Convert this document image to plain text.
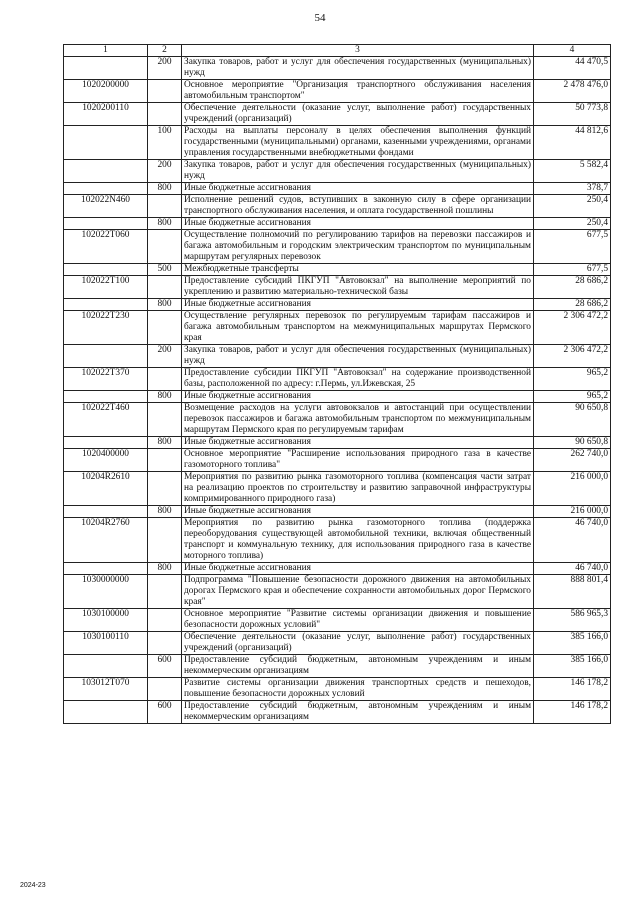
54
1	2	3	4
	200	Закупка товаров, работ и услуг для обеспечения государственных (муниципальных) нужд	44 470,5
1020200000		Основное мероприятие "Организация транспортного обслуживания населения автомобильным транспортом"	2 478 476,0
1020200110		Обеспечение деятельности (оказание услуг, выполнение работ) государственных учреждений (организаций)	50 773,8
	100	Расходы на выплаты персоналу в целях обеспечения выполнения функций государственными (муниципальными) органами, казенными учреждениями, органами управления государственными внебюджетными фондами	44 812,6
	200	Закупка товаров, работ и услуг для обеспечения государственных (муниципальных) нужд	5 582,4
	800	Иные бюджетные ассигнования	378,7
102022N460		Исполнение решений судов, вступивших в законную силу в сфере организации транспортного обслуживания населения, и оплата государственной пошлины	250,4
	800	Иные бюджетные ассигнования	250,4
102022Т060		Осуществление полномочий по регулированию тарифов на перевозки пассажиров и багажа автомобильным и городским электрическим транспортом по муниципальным маршрутам регулярных перевозок	677,5
	500	Межбюджетные трансферты	677,5
102022Т100		Предоставление субсидий ПКГУП "Автовокзал" на выполнение мероприятий по укреплению и развитию материально-технической базы	28 686,2
	800	Иные бюджетные ассигнования	28 686,2
102022Т230		Осуществление регулярных перевозок по регулируемым тарифам пассажиров и багажа автомобильным транспортом на межмуниципальных маршрутах Пермского края	2 306 472,2
	200	Закупка товаров, работ и услуг для обеспечения государственных (муниципальных) нужд	2 306 472,2
102022Т370		Предоставление субсидии ПКГУП "Автовокзал" на содержание производственной базы, расположенной по адресу: г.Пермь, ул.Ижевская, 25	965,2
	800	Иные бюджетные ассигнования	965,2
102022Т460		Возмещение расходов на услуги автовокзалов и автостанций при осуществлении перевозок пассажиров и багажа автомобильным транспортом по межмуниципальным маршрутам Пермского края по регулируемым тарифам	90 650,8
	800	Иные бюджетные ассигнования	90 650,8
1020400000		Основное мероприятие "Расширение использования природного газа в качестве газомоторного топлива"	262 740,0
10204R2610		Мероприятия по развитию рынка газомоторного топлива (компенсация части затрат на реализацию проектов по строительству и развитию заправочной инфраструктуры компримированного природного газа)	216 000,0
	800	Иные бюджетные ассигнования	216 000,0
10204R2760		Мероприятия по развитию рынка газомоторного топлива (поддержка переоборудования существующей автомобильной техники, включая общественный транспорт и коммунальную технику, для использования природного газа в качестве моторного топлива)	46 740,0
	800	Иные бюджетные ассигнования	46 740,0
1030000000		Подпрограмма "Повышение безопасности дорожного движения на автомобильных дорогах Пермского края и обеспечение сохранности автомобильных дорог Пермского края"	888 801,4
1030100000		Основное мероприятие "Развитие системы организации движения и повышение безопасности дорожных условий"	586 965,3
1030100110		Обеспечение деятельности (оказание услуг, выполнение работ) государственных учреждений (организаций)	385 166,0
	600	Предоставление субсидий бюджетным, автономным учреждениям и иным некоммерческим организациям	385 166,0
103012Т070		Развитие системы организации движения транспортных средств и пешеходов, повышение безопасности дорожных условий	146 178,2
	600	Предоставление субсидий бюджетным, автономным учреждениям и иным некоммерческим организациям	146 178,2
2024-23
